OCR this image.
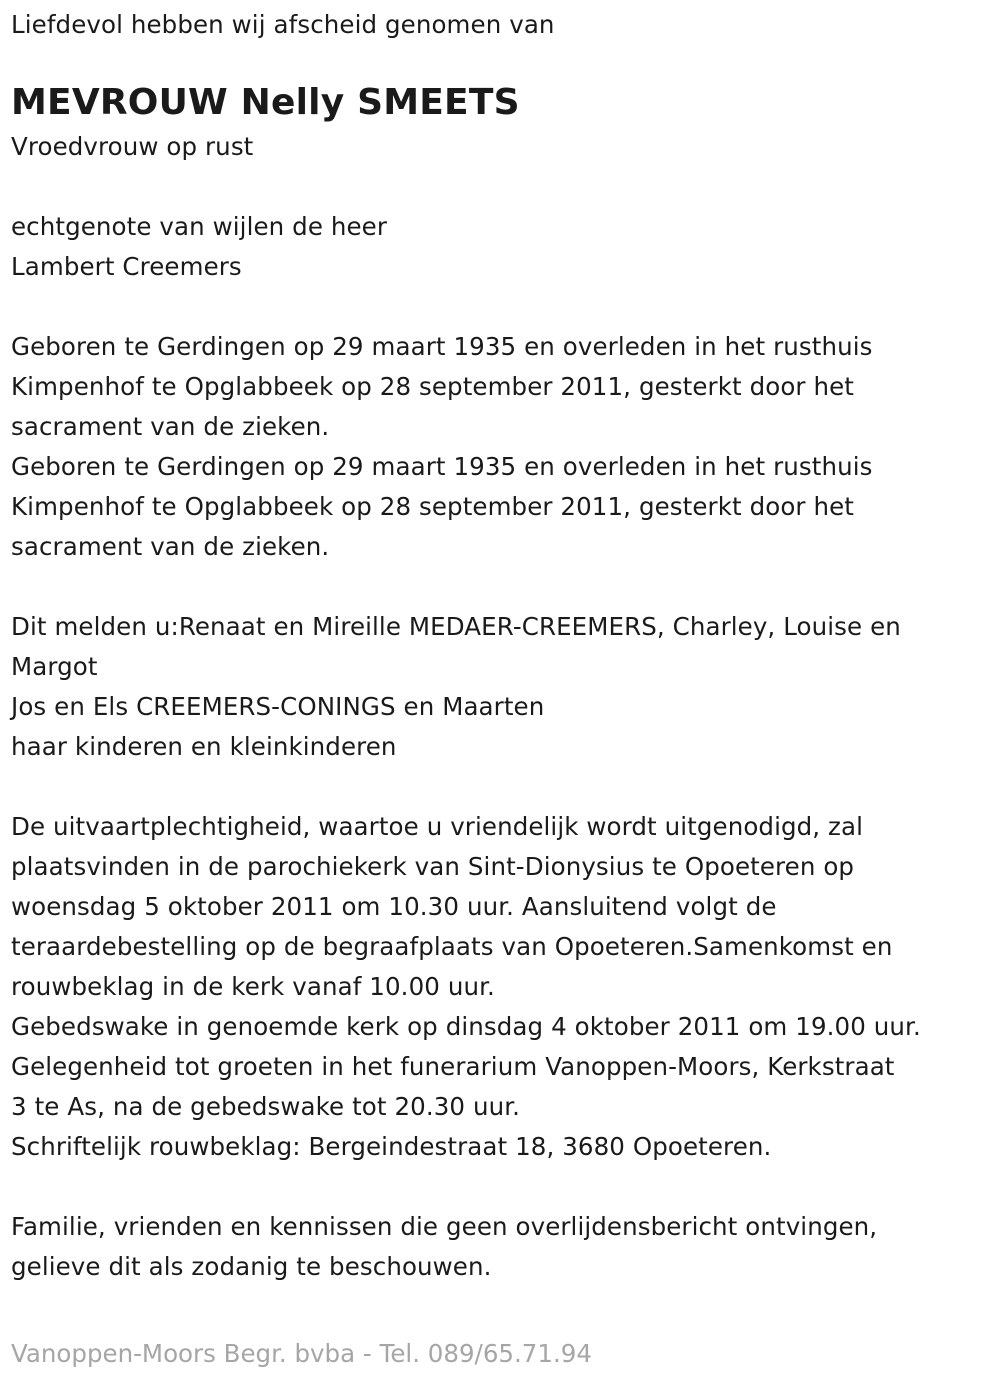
Liefdevol hebben wij afscheid genomen van
MEVROUW Nelly SMEETS
Vroedvrouw op rust
echtgenote van wijlen de heer
Lambert Creemers
Geboren te Gerdingen op 29 maart 1935 en overleden in het rusthuis
Kimpenhof te Opglabbeek op 28 september 2011, gesterkt door het
sacrament van de zieken.
Geboren te Gerdingen op 29 maart 1935 en overleden in het rusthuis
Kimpenhof te Opglabbeek op 28 september 2011, gesterkt door het
sacrament van de zieken.
Dit melden u:Renaat en Mireille MEDAER-CREEMERS, Charley, Louise en
Margot
Jos en Els CREEMERS-CONINGS en Maarten
haar kinderen en kleinkinderen
De uitvaartplechtigheid, waartoe u vriendelijk wordt uitgenodigd, zal
plaatsvinden in de parochiekerk van Sint-Dionysius te Opoeteren op
woensdag 5 oktober 2011 om 10.30 uur. Aansluitend volgt de
teraardebestelling op de begraafplaats van Opoeteren.Samenkomst en
rouwbeklag in de kerk vanaf 10.00 uur.
Gebedswake in genoemde kerk op dinsdag 4 oktober 2011 om 19.00 uur.
Gelegenheid tot groeten in het funerarium Vanoppen-Moors, Kerkstraat
3 te As, na de gebedswake tot 20.30 uur.
Schriftelijk rouwbeklag: Bergeindestraat 18, 3680 Opoeteren.
Familie, vrienden en kennissen die geen overlijdensbericht ontvingen,
gelieve dit als zodanig te beschouwen.
Vanoppen-Moors Begr. bvba - Tel. 089/65.71.94
